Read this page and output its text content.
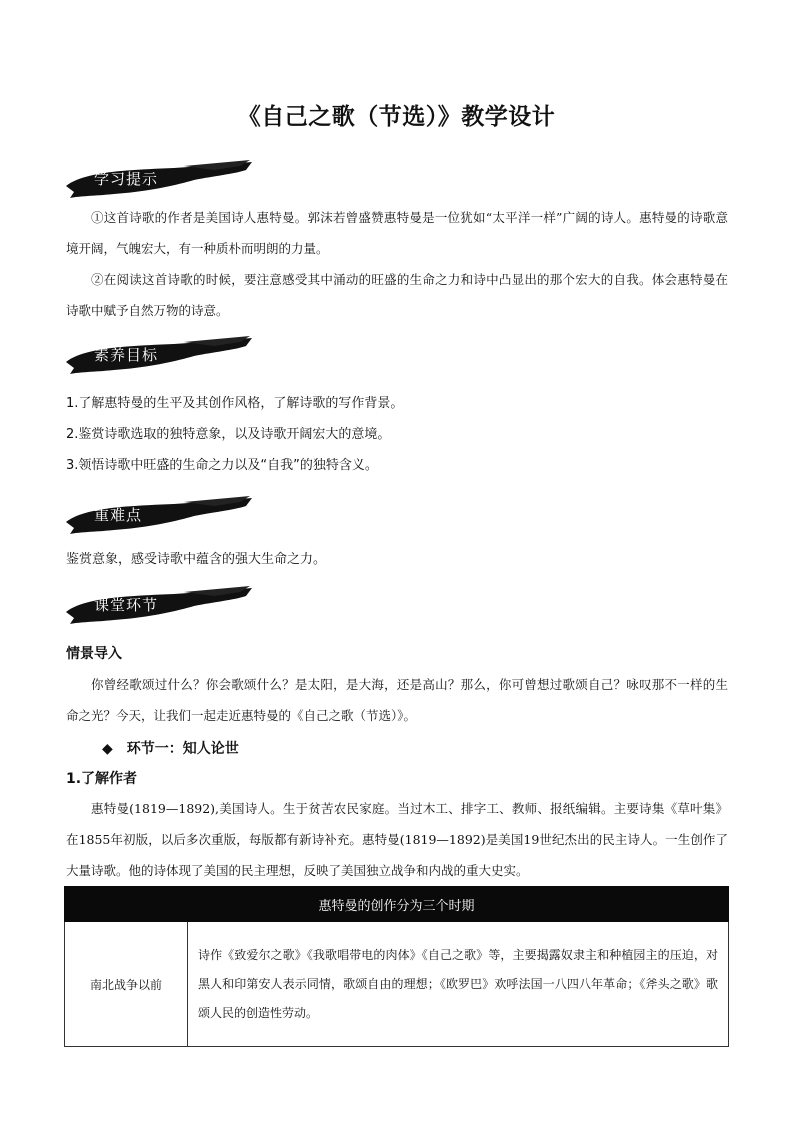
《自己之歌（节选）》教学设计
学习提示
①这首诗歌的作者是美国诗人惠特曼。郭沫若曾盛赞惠特曼是一位犹如“太平洋一样”广阔的诗人。惠特曼的诗歌意境开阔，气魄宏大，有一种质朴而明朗的力量。
②在阅读这首诗歌的时候，要注意感受其中涌动的旺盛的生命之力和诗中凸显出的那个宏大的自我。体会惠特曼在诗歌中赋予自然万物的诗意。
素养目标
1.了解惠特曼的生平及其创作风格，了解诗歌的写作背景。
2.鉴赏诗歌选取的独特意象，以及诗歌开阔宏大的意境。
3.领悟诗歌中旺盛的生命之力以及“自我”的独特含义。
重难点
鉴赏意象，感受诗歌中蕴含的强大生命之力。
课堂环节
情景导入
你曾经歌颂过什么？你会歌颂什么？是太阳，是大海，还是高山？那么，你可曾想过歌颂自己？咏叹那不一样的生命之光？今天，让我们一起走近惠特曼的《自己之歌（节选）》。
◆　环节一：知人论世
1.了解作者
惠特曼(1819—1892),美国诗人。生于贫苦农民家庭。当过木工、排字工、教师、报纸编辑。主要诗集《草叶集》在1855年初版，以后多次重版，每版都有新诗补充。惠特曼(1819—1892)是美国19世纪杰出的民主诗人。一生创作了大量诗歌。他的诗体现了美国的民主理想，反映了美国独立战争和内战的重大史实。
惠特曼的创作分为三个时期
南北战争以前	诗作《致爱尔之歌》《我歌唱带电的肉体》《自己之歌》等，主要揭露奴隶主和种植园主的压迫，对黑人和印第安人表示同情，歌颂自由的理想；《欧罗巴》欢呼法国一八四八年革命；《斧头之歌》歌颂人民的创造性劳动。
